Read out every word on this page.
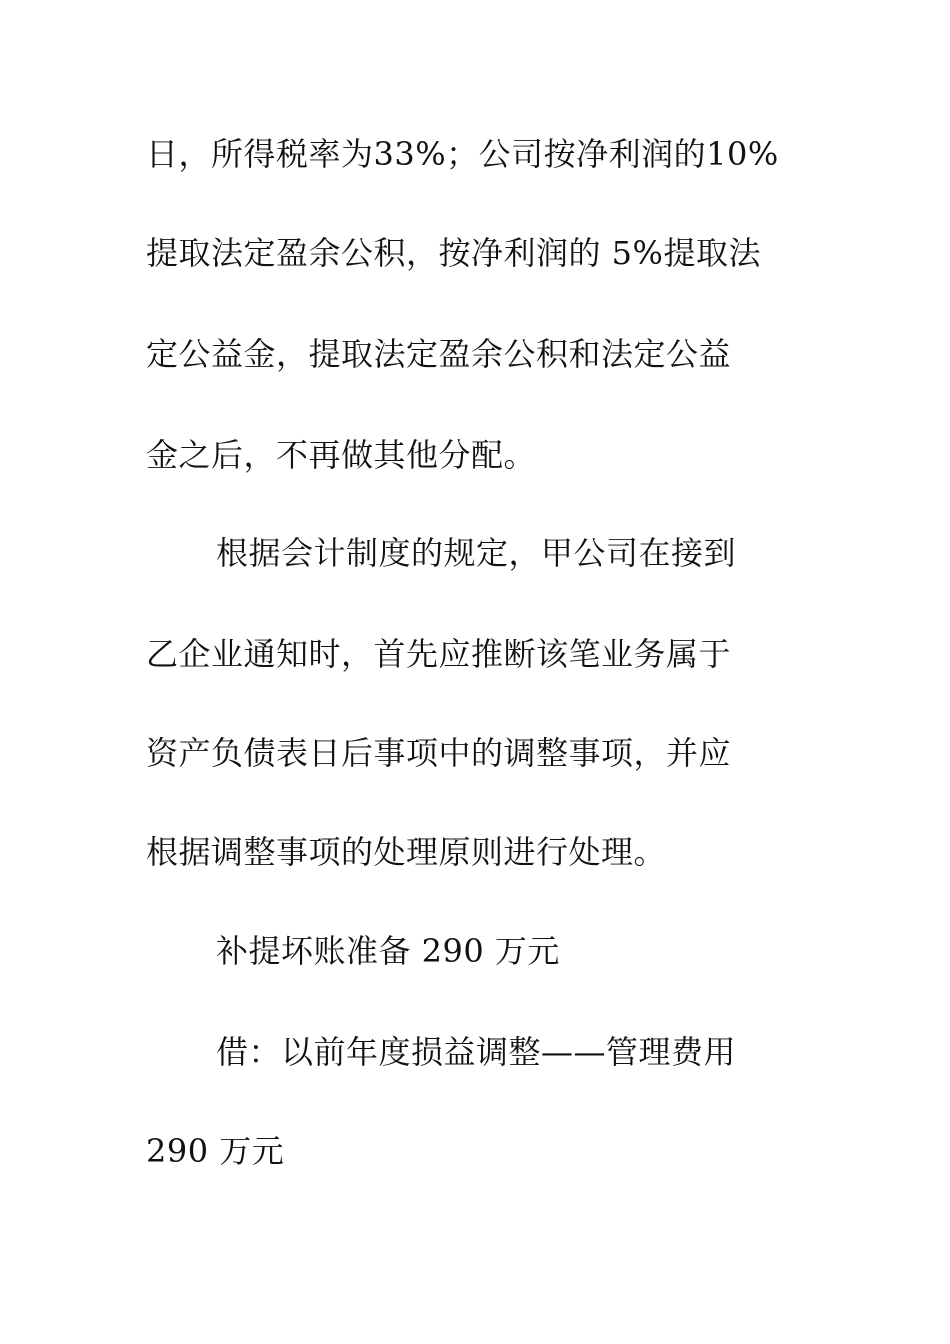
日，所得税率为33%；公司按净利润的10%
提取法定盈余公积，按净利润的 5%提取法
定公益金，提取法定盈余公积和法定公益
金之后，不再做其他分配。
根据会计制度的规定，甲公司在接到
乙企业通知时，首先应推断该笔业务属于
资产负债表日后事项中的调整事项，并应
根据调整事项的处理原则进行处理。
补提坏账准备 290 万元
借：以前年度损益调整——管理费用
290 万元
